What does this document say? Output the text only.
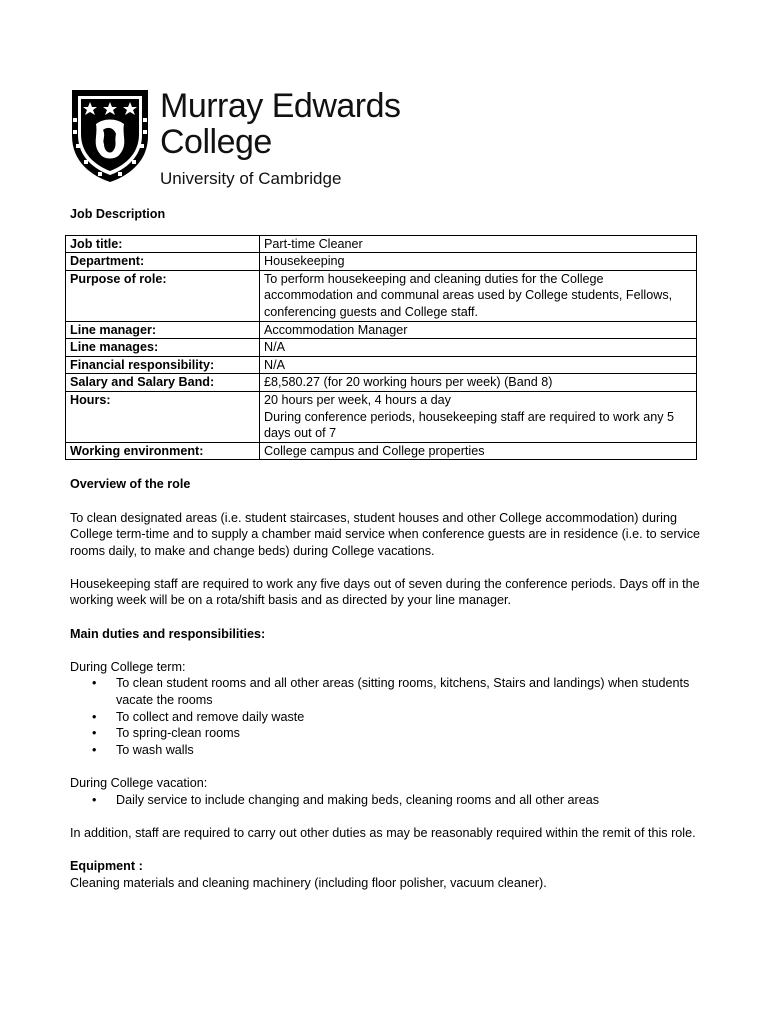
Murray Edwards
College
University of Cambridge

Job Description

Job title:	Part-time Cleaner

Department:	Housekeeping

Purpose of role:	To perform housekeeping and cleaning duties for the College accommodation and communal areas used by College students, Fellows, conferencing guests and College staff.

Line manager:	Accommodation Manager

Line manages:	N/A

Financial responsibility:	N/A

Salary and Salary Band:	£8,580.27 (for 20 working hours per week) (Band 8)

Hours:	20 hours per week, 4 hours a day
During conference periods, housekeeping staff are required to work any 5 days out of 7

Working environment:	College campus and College properties

Overview of the role

To clean designated areas (i.e. student staircases, student houses and other College accommodation) during College term-time and to supply a chamber maid service when conference guests are in residence (i.e. to service rooms daily, to make and change beds) during College vacations.

Housekeeping staff are required to work any five days out of seven during the conference periods. Days off in the working week will be on a rota/shift basis and as directed by your line manager.

Main duties and responsibilities:

During College term:

• To clean student rooms and all other areas (sitting rooms, kitchens, Stairs and landings) when students vacate the rooms
• To collect and remove daily waste
• To spring-clean rooms
• To wash walls

During College vacation:

• Daily service to include changing and making beds, cleaning rooms and all other areas

In addition, staff are required to carry out other duties as may be reasonably required within the remit of this role.

Equipment :

Cleaning materials and cleaning machinery (including floor polisher, vacuum cleaner).
